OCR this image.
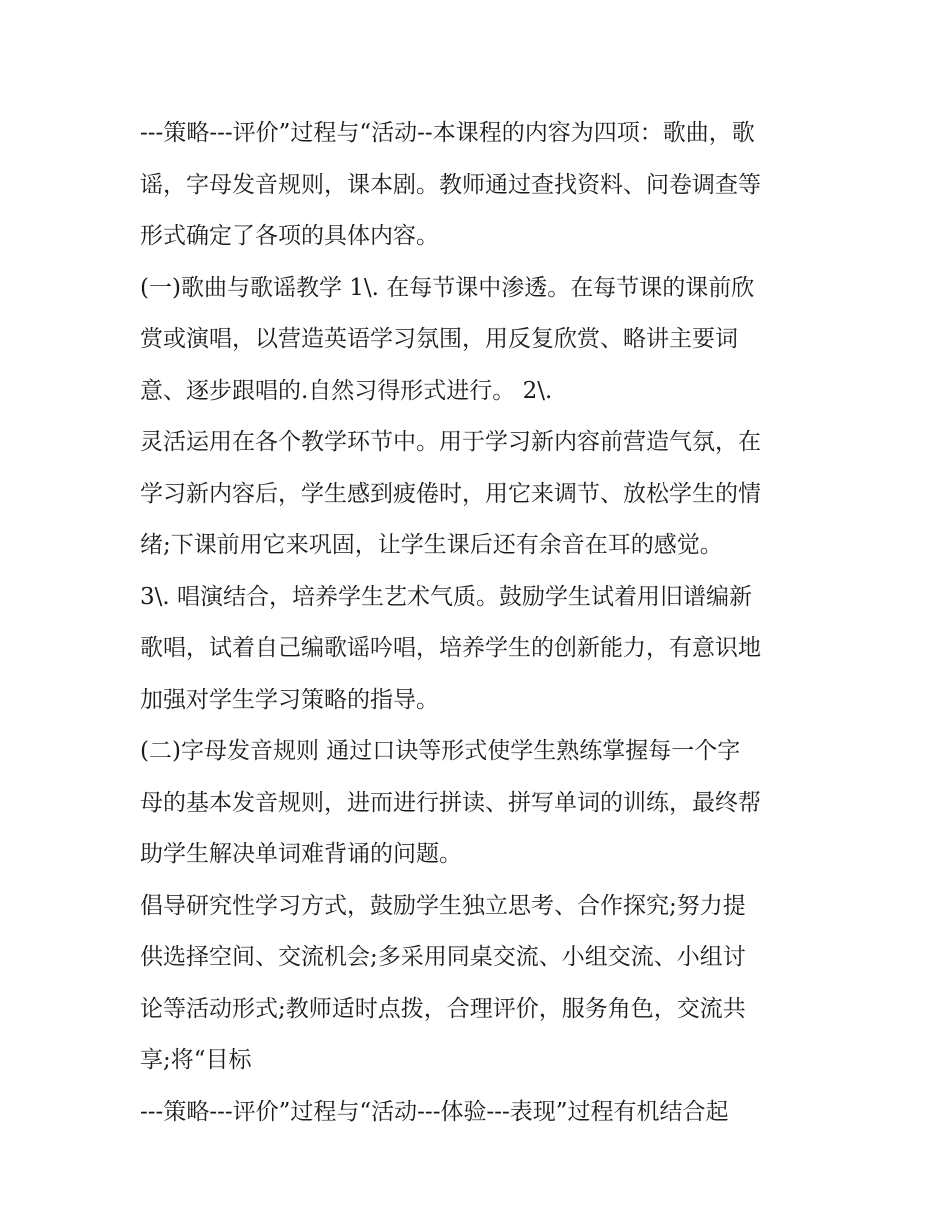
---策略---评价”过程与“活动--本课程的内容为四项：歌曲，歌
谣，字母发音规则，课本剧。教师通过查找资料、问卷调查等
形式确定了各项的具体内容。
(一)歌曲与歌谣教学 1\. 在每节课中渗透。在每节课的课前欣
赏或演唱，以营造英语学习氛围，用反复欣赏、略讲主要词
意、逐步跟唱的.自然习得形式进行。 2\.
灵活运用在各个教学环节中。用于学习新内容前营造气氛，在
学习新内容后，学生感到疲倦时，用它来调节、放松学生的情
绪;下课前用它来巩固，让学生课后还有余音在耳的感觉。
3\. 唱演结合，培养学生艺术气质。鼓励学生试着用旧谱编新
歌唱，试着自己编歌谣吟唱，培养学生的创新能力，有意识地
加强对学生学习策略的指导。
(二)字母发音规则 通过口诀等形式使学生熟练掌握每一个字
母的基本发音规则，进而进行拼读、拼写单词的训练，最终帮
助学生解决单词难背诵的问题。
倡导研究性学习方式，鼓励学生独立思考、合作探究;努力提
供选择空间、交流机会;多采用同桌交流、小组交流、小组讨
论等活动形式;教师适时点拨，合理评价，服务角色，交流共
享;将“目标
---策略---评价”过程与“活动---体验---表现”过程有机结合起
